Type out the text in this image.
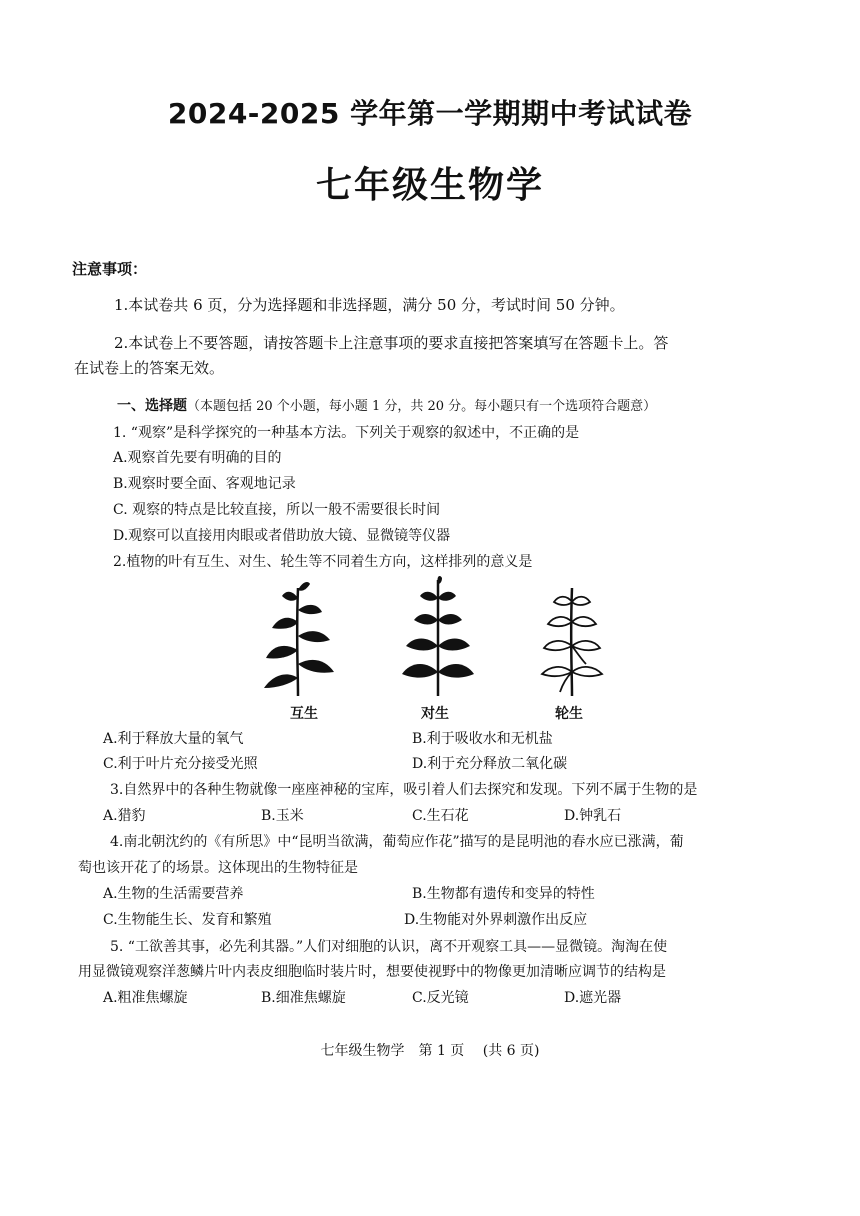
2024-2025 学年第一学期期中考试试卷
七年级生物学
注意事项：
1.本试卷共 6 页，分为选择题和非选择题，满分 50 分，考试时间 50 分钟。
2.本试卷上不要答题，请按答题卡上注意事项的要求直接把答案填写在答题卡上。答
在试卷上的答案无效。
一、选择题（本题包括 20 个小题，每小题 1 分，共 20 分。每小题只有一个选项符合题意）
1. “观察”是科学探究的一种基本方法。下列关于观察的叙述中，不正确的是
A.观察首先要有明确的目的
B.观察时要全面、客观地记录
C. 观察的特点是比较直接，所以一般不需要很长时间
D.观察可以直接用肉眼或者借助放大镜、显微镜等仪器
2.植物的叶有互生、对生、轮生等不同着生方向，这样排列的意义是
互生	对生	轮生
A.利于释放大量的氧气	B.利于吸收水和无机盐
C.利于叶片充分接受光照	D.利于充分释放二氧化碳
3.自然界中的各种生物就像一座座神秘的宝库，吸引着人们去探究和发现。下列不属于生物的是
A.猎豹	B.玉米	C.生石花	D.钟乳石
4.南北朝沈约的《有所思》中“昆明当欲满，葡萄应作花”描写的是昆明池的春水应已涨满，葡
萄也该开花了的场景。这体现出的生物特征是
A.生物的生活需要营养	B.生物都有遗传和变异的特性
C.生物能生长、发育和繁殖	D.生物能对外界刺激作出反应
5. “工欲善其事，必先利其器。”人们对细胞的认识，离不开观察工具——显微镜。淘淘在使
用显微镜观察洋葱鳞片叶内表皮细胞临时装片时，想要使视野中的物像更加清晰应调节的结构是
A.粗准焦螺旋	B.细准焦螺旋	C.反光镜	D.遮光器
七年级生物学　第 1 页　 (共 6 页)
